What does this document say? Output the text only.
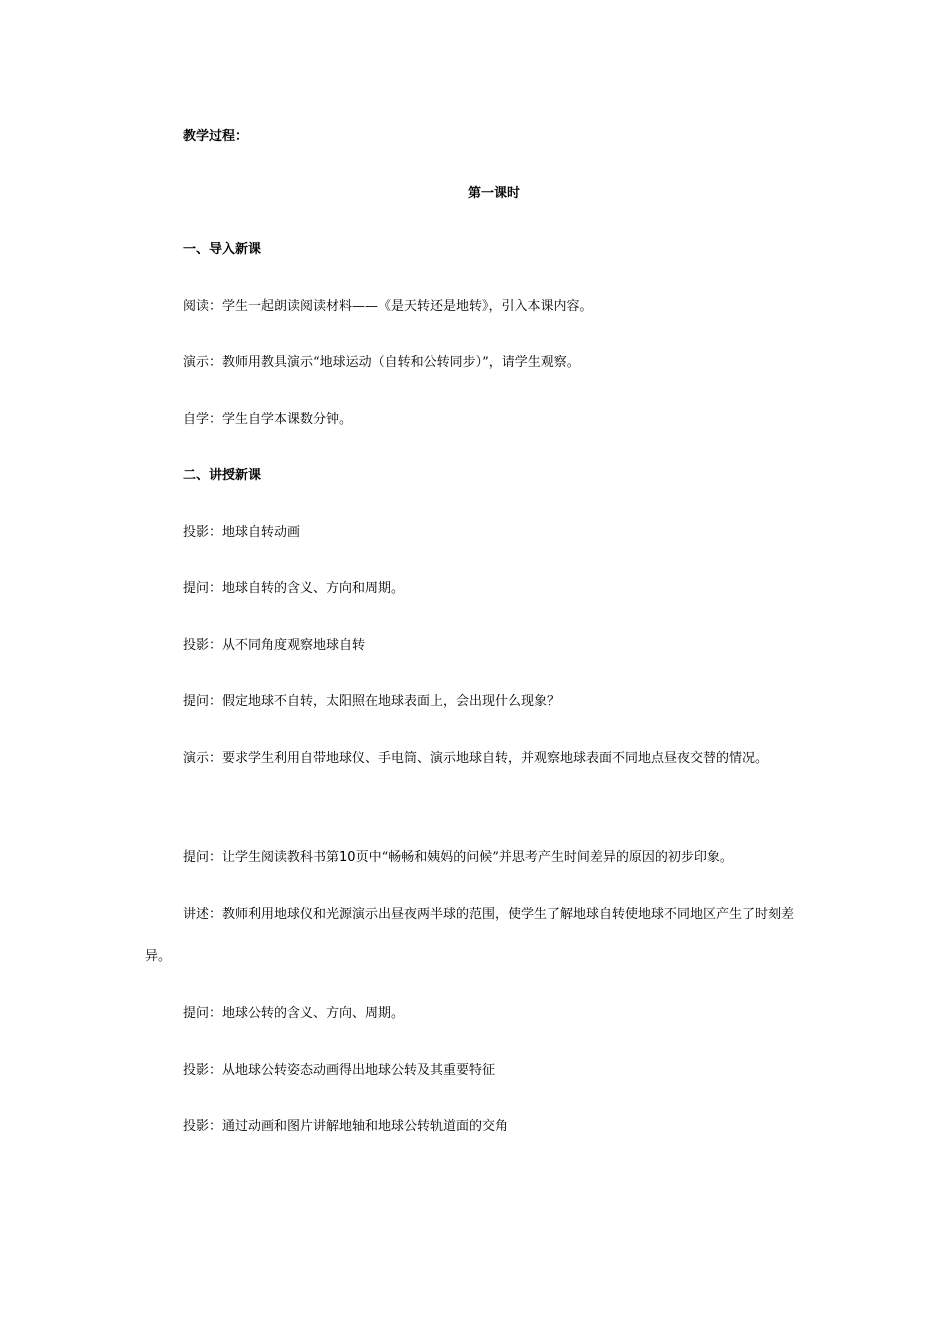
教学过程：
第一课时
一、导入新课
阅读：学生一起朗读阅读材料——《是天转还是地转》，引入本课内容。
演示：教师用教具演示“地球运动（自转和公转同步）”，请学生观察。
自学：学生自学本课数分钟。
二、讲授新课
投影：地球自转动画
提问：地球自转的含义、方向和周期。
投影：从不同角度观察地球自转
提问：假定地球不自转，太阳照在地球表面上，会出现什么现象？
演示：要求学生利用自带地球仪、手电筒、演示地球自转，并观察地球表面不同地点昼夜交替的情况。
提问：让学生阅读教科书第10页中“畅畅和姨妈的问候”并思考产生时间差异的原因的初步印象。
讲述：教师利用地球仪和光源演示出昼夜两半球的范围，使学生了解地球自转使地球不同地区产生了时刻差异。
提问：地球公转的含义、方向、周期。
投影：从地球公转姿态动画得出地球公转及其重要特征
投影：通过动画和图片讲解地轴和地球公转轨道面的交角
